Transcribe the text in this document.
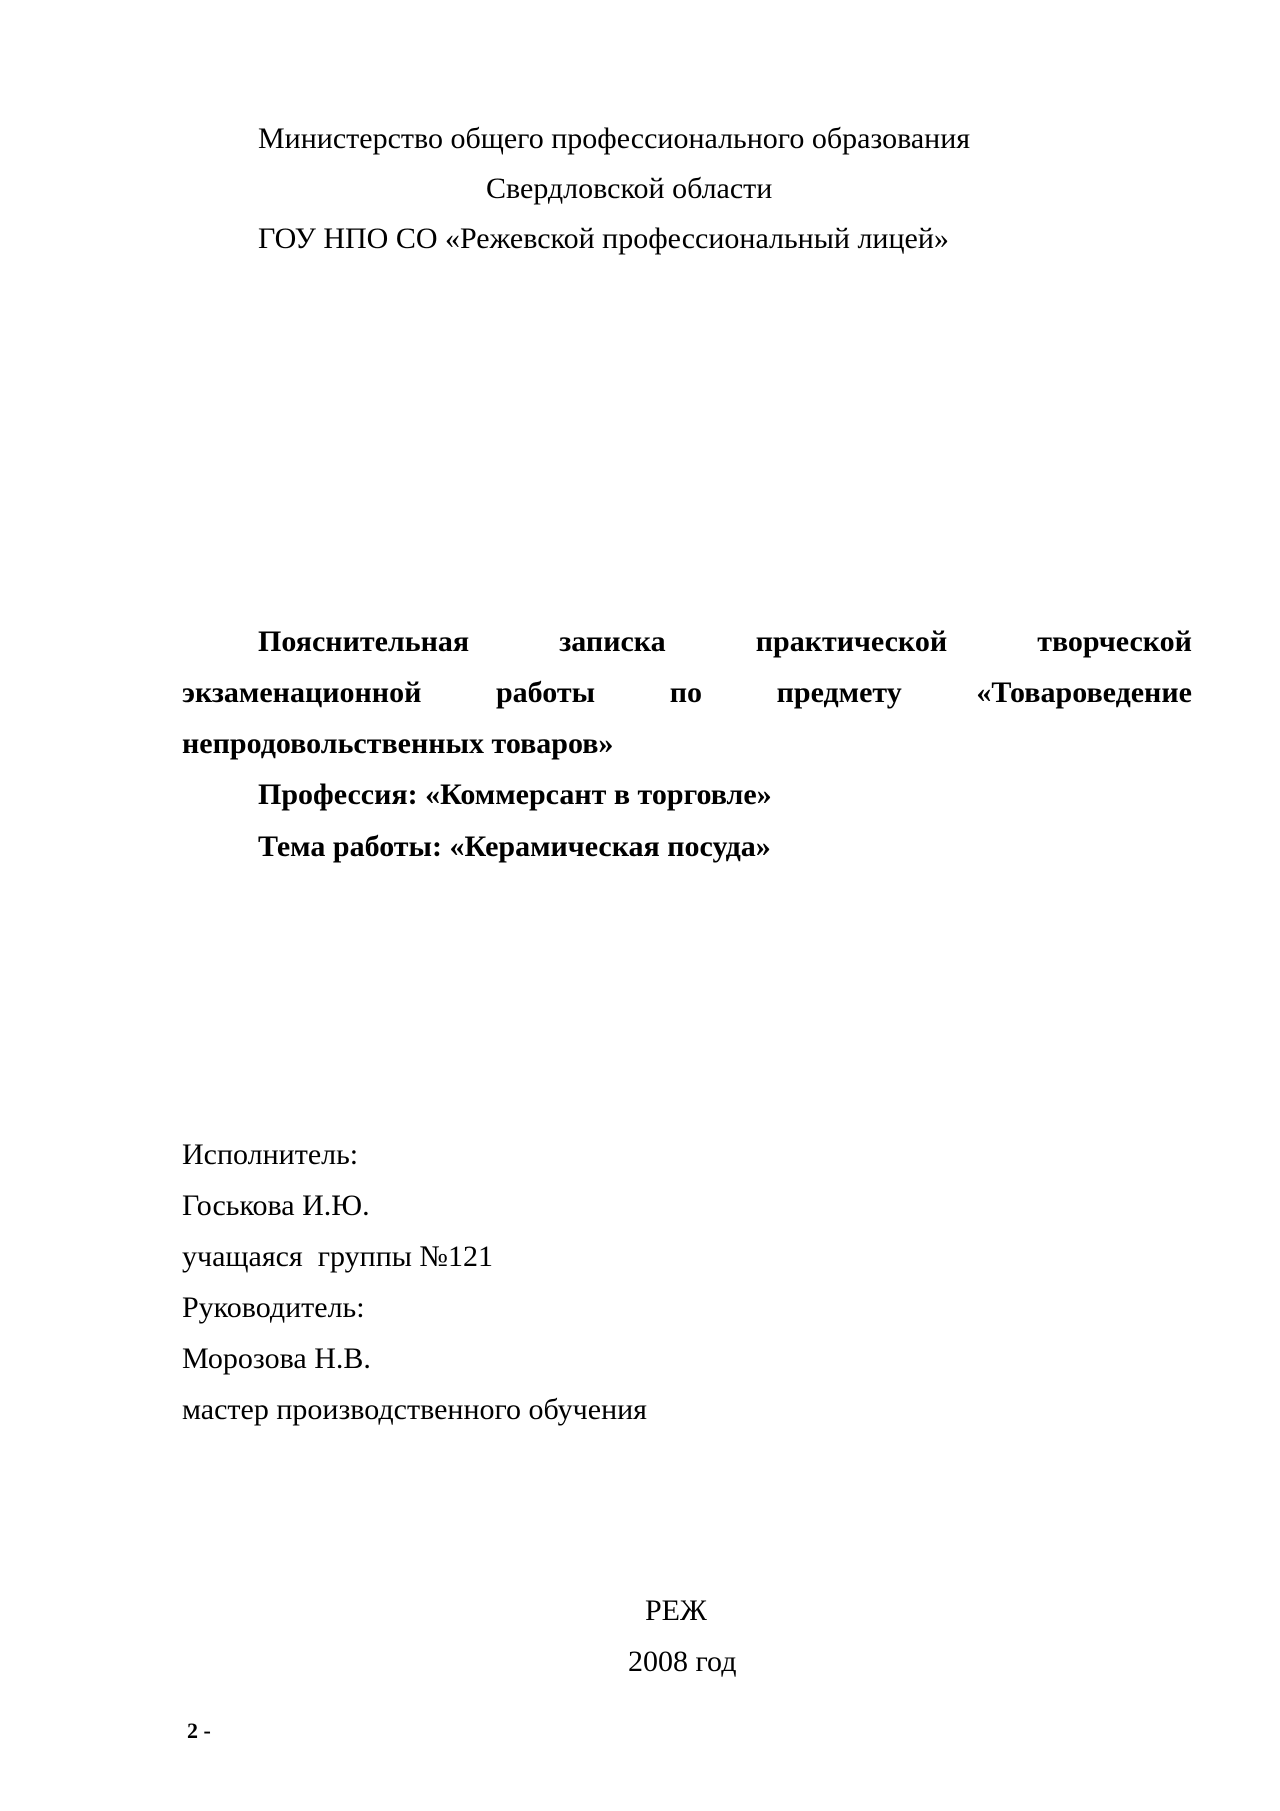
Министерство общего профессионального образования
Свердловской области
ГОУ НПО СО «Режевской профессиональный лицей»
Пояснительная	записка	практической	творческой
экзаменационной работы по предмету «Товароведение
непродовольственных товаров»
Профессия: «Коммерсант в торговле»
Тема работы: «Керамическая посуда»
Исполнитель:
Госькова И.Ю.
учащаяся  группы №121
Руководитель:
Морозова Н.В.
мастер производственного обучения
РЕЖ
2008 год
2 -
